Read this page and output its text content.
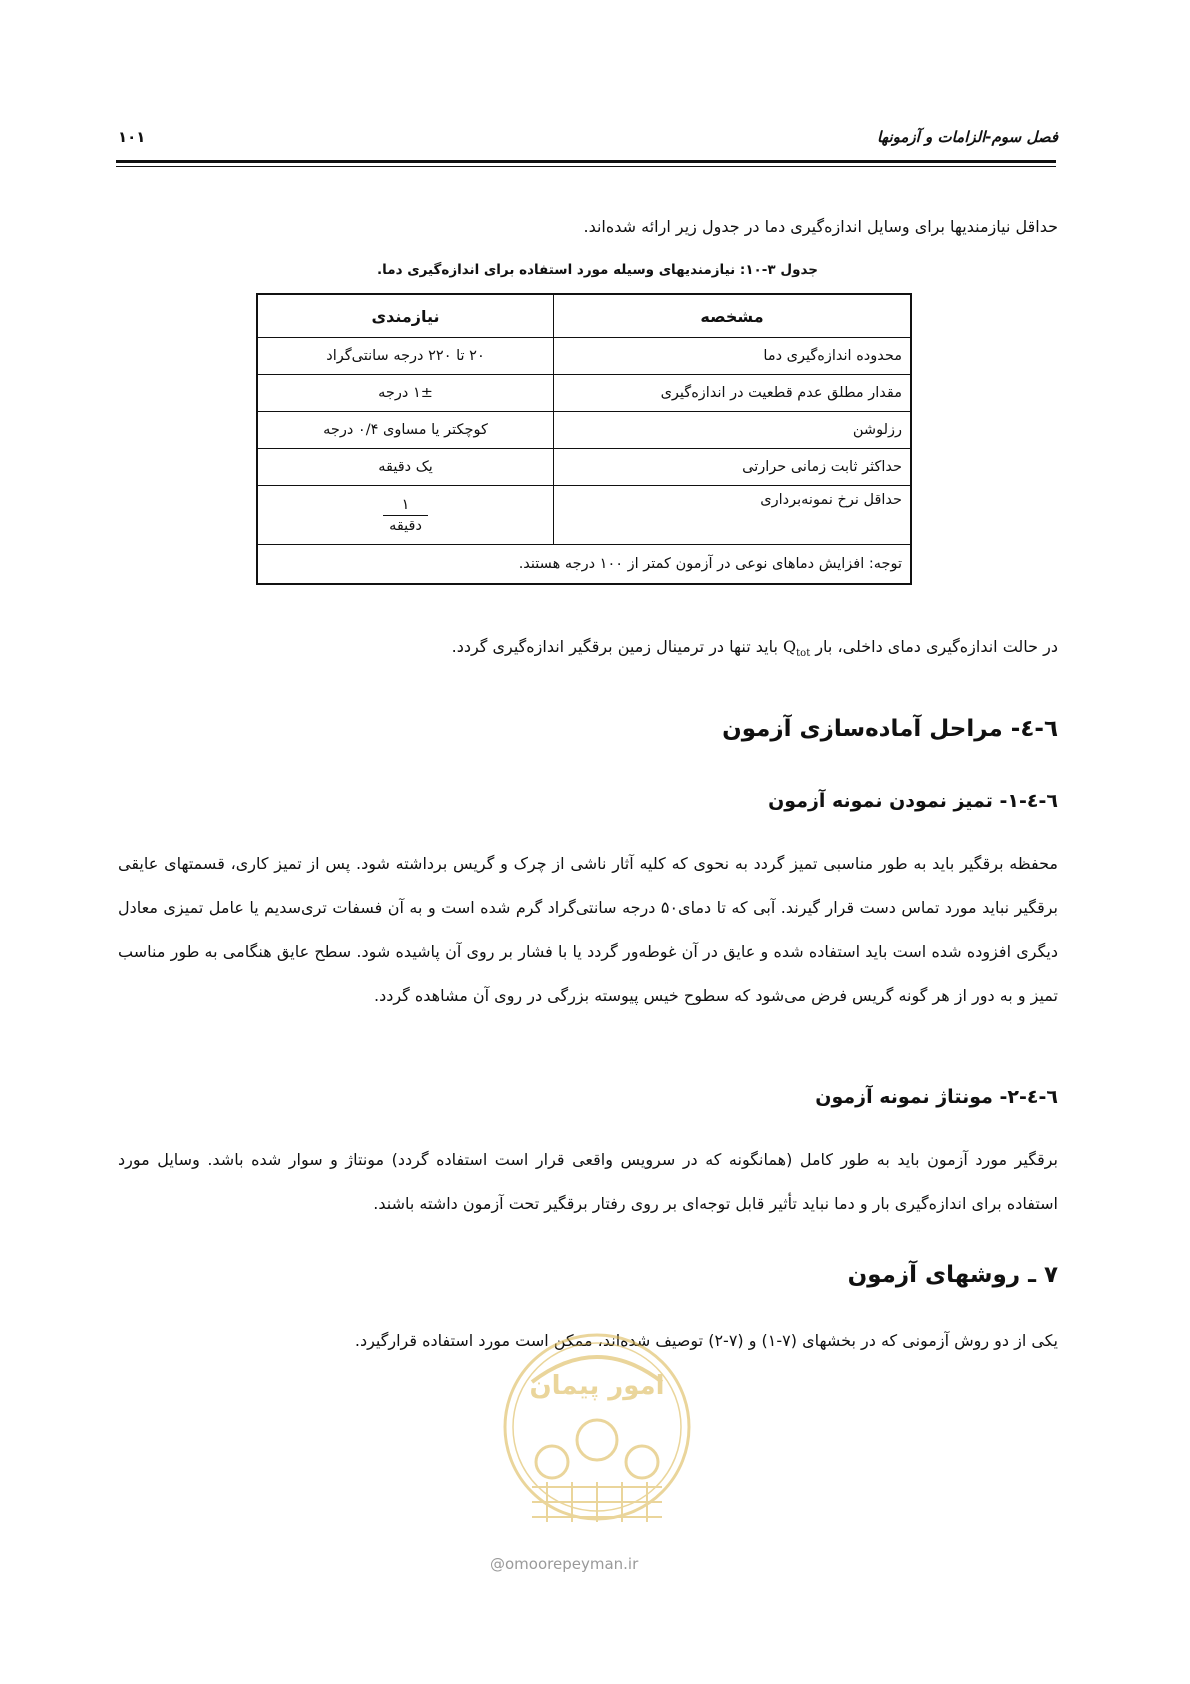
فصل سوم-الزامات و آزمونها
۱۰۱
حداقل نیازمندیها برای وسایل اندازه‌گیری دما در جدول زیر ارائه شده‌اند.
جدول ۳-۱۰: نیازمندیهای وسیله مورد استفاده برای اندازه‌گیری دما.
مشخصه	نیازمندی
محدوده اندازه‌گیری دما	۲۰ تا ۲۲۰ درجه سانتی‌گراد
مقدار مطلق عدم قطعیت در اندازه‌گیری	۱± درجه
رزلوشن	کوچکتر یا مساوی ۰/۴ درجه
حداکثر ثابت زمانی حرارتی	یک دقیقه
حداقل نرخ نمونه‌برداری	$\frac{۱}{\text{دقیقه}}$

توجه: افزایش دماهای نوعی در آزمون کمتر از ۱۰۰ درجه هستند.	
در حالت اندازه‌گیری دمای داخلی، بار $Q_{tot}$ باید تنها در ترمینال زمین برقگیر اندازه‌گیری گردد.
٦-٤- مراحل آماده‌سازی آزمون
٦-٤-١- تمیز نمودن نمونه آزمون
محفظه برقگیر باید به طور مناسبی تمیز گردد به نحوی که کلیه آثار ناشی از چرک و گریس برداشته شود. پس از تمیز کاری، قسمتهای عایقی برقگیر نباید مورد تماس دست قرار گیرند. آبی که تا دمای۵۰ درجه سانتی‌گراد گرم شده است و به آن فسفات تری‌سدیم یا عامل تمیزی معادل دیگری افزوده شده است باید استفاده شده و عایق در آن غوطه‌ور گردد یا با فشار بر روی آن پاشیده شود. سطح عایق هنگامی به طور مناسب تمیز و به دور از هر گونه گریس فرض می‌شود که سطوح خیس پیوسته بزرگی در روی آن مشاهده گردد.
٦-٤-٢- مونتاژ نمونه آزمون
برقگیر مورد آزمون باید به طور کامل (همانگونه که در سرویس واقعی قرار است استفاده گردد) مونتاژ و سوار شده باشد. وسایل مورد استفاده برای اندازه‌گیری بار و دما نباید تأثیر قابل توجه‌ای بر روی رفتار برقگیر تحت آزمون داشته باشند.
۷ ـ روشهای آزمون
یکی از دو روش آزمونی که در بخشهای (۷-۱) و (۷-۲) توصیف شده‌اند، ممکن است مورد استفاده قرارگیرد.
امور پیمان
@omoorepeyman.ir
